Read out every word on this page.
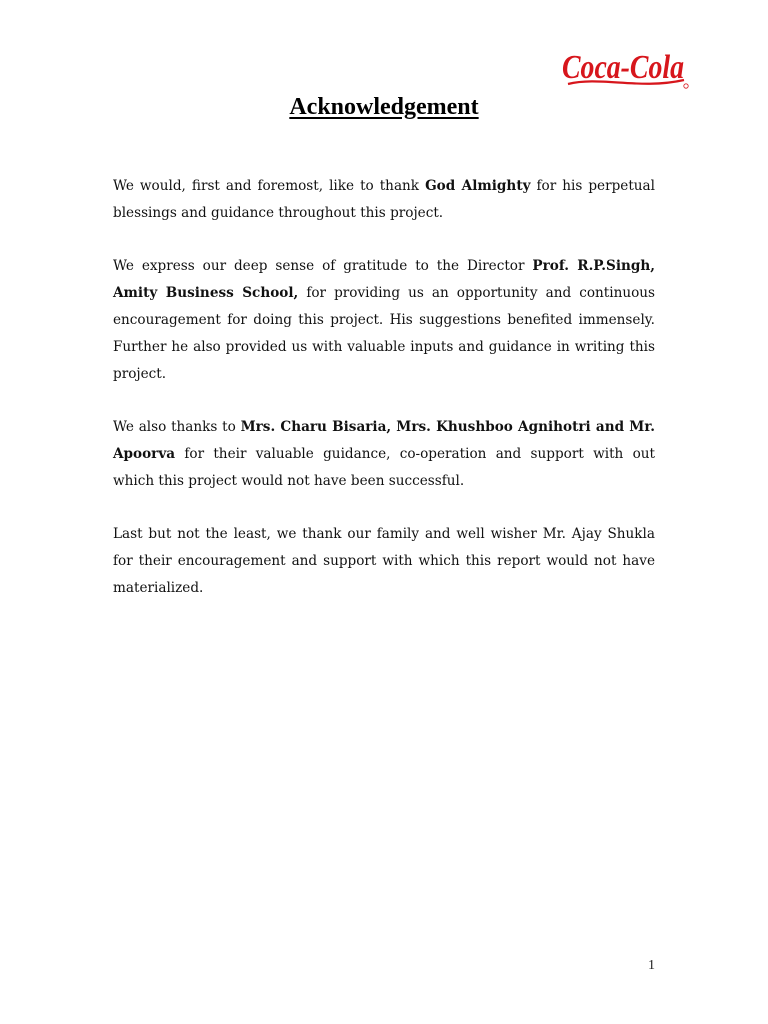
Coca-Cola
Acknowledgement

We would, first and foremost, like to thank God Almighty for his perpetual blessings and guidance throughout this project.

We express our deep sense of gratitude to the Director Prof. R.P.Singh, Amity Business School, for providing us an opportunity and continuous encouragement for doing this project. His suggestions benefited immensely. Further he also provided us with valuable inputs and guidance in writing this project.

We also thanks to Mrs. Charu Bisaria, Mrs. Khushboo Agnihotri and Mr. Apoorva for their valuable guidance, co-operation and support with out which this project would not have been successful.

Last but not the least, we thank our family and well wisher Mr. Ajay Shukla for their encouragement and support with which this report would not have materialized.

1
